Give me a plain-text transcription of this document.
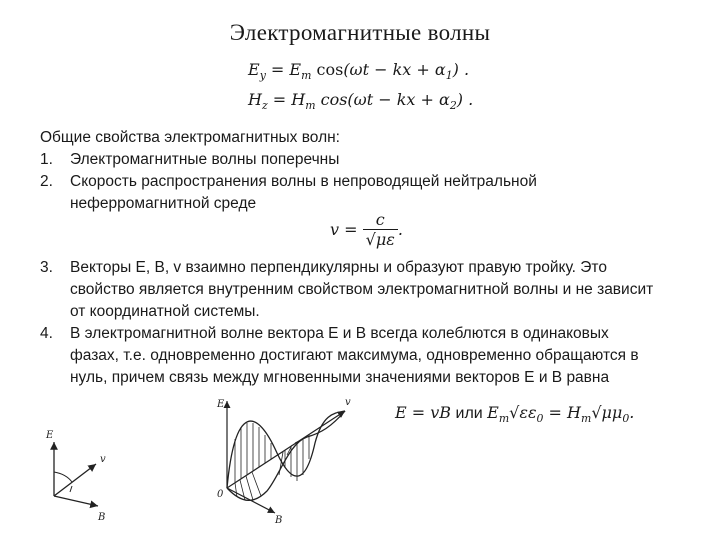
Электромагнитные волны
$E_y = E_m$ cos(ωt − kx + $\alpha_1$) .
$H_z = H_m$ cos(ωt − kx + $\alpha_2$) .
Общие свойства электромагнитных волн:
1. Электромагнитные волны поперечны
2. Скорость распространения волны в непроводящей нейтральной
неферромагнитной среде
3. Векторы E, B, v взаимно перпендикулярны и образуют правую тройку. Это
свойство является внутренним свойством электромагнитной волны и не зависит
от координатной системы.
4. В электромагнитной волне вектора E и B всегда колеблются в одинаковых
фазах, т.е. одновременно достигают максимума, одновременно обращаются в
нуль, причем связь между мгновенными значениями векторов E и B равна
$v = \frac{c}{√\mu\varepsilon}$ .
E = vB или $E_m√\varepsilon\varepsilon_0 = H_m√\mu\mu_0$.
E
v
B
E	v
B
0
